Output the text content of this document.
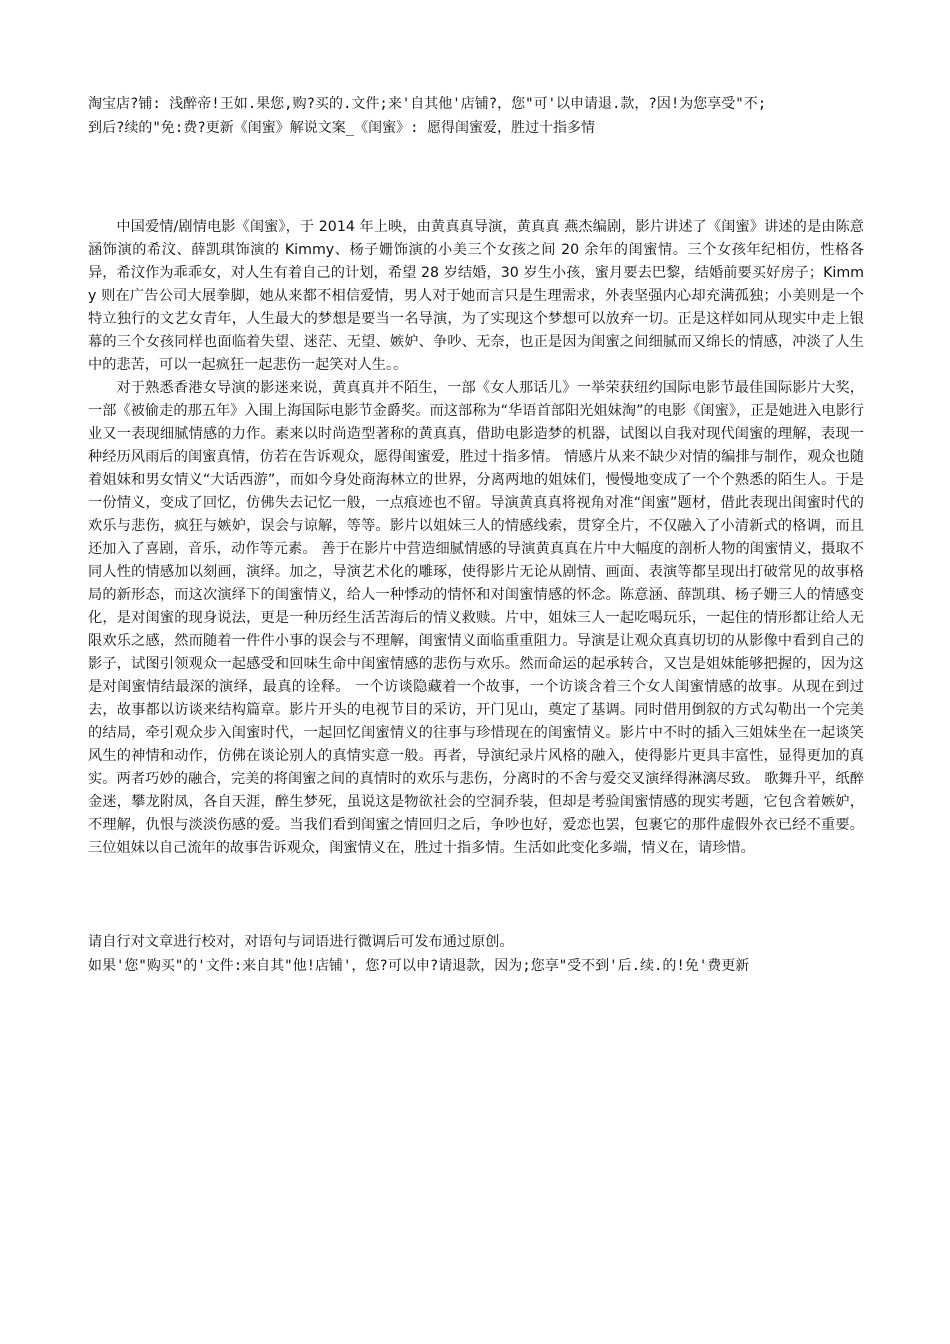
淘宝店?铺: 浅醉帝!王如.果您,购?买的.文件;来'自其他'店铺?，您"可'以申请退.款，?因!为您享受"不;
到后?续的"免:费?更新《闺蜜》解说文案_《闺蜜》: 愿得闺蜜爱，胜过十指多情

中国爱情/剧情电影《闺蜜》，于 2014 年上映，由黄真真导演，黄真真 燕杰编剧，影片讲述了《闺蜜》讲述的是由陈意涵饰演的希汶、薛凯琪饰演的 Kimmy、杨子姗饰演的小美三个女孩之间 20 余年的闺蜜情。三个女孩年纪相仿，性格各异，希汶作为乖乖女，对人生有着自己的计划，希望 28 岁结婚，30 岁生小孩，蜜月要去巴黎，结婚前要买好房子；Kimmy 则在广告公司大展拳脚，她从来都不相信爱情，男人对于她而言只是生理需求，外表坚强内心却充满孤独；小美则是一个特立独行的文艺女青年，人生最大的梦想是要当一名导演，为了实现这个梦想可以放弃一切。正是这样如同从现实中走上银幕的三个女孩同样也面临着失望、迷茫、无望、嫉妒、争吵、无奈，也正是因为闺蜜之间细腻而又绵长的情感，冲淡了人生中的悲苦，可以一起疯狂一起悲伤一起笑对人生。。

对于熟悉香港女导演的影迷来说，黄真真并不陌生，一部《女人那话儿》一举荣获纽约国际电影节最佳国际影片大奖，一部《被偷走的那五年》入围上海国际电影节金爵奖。而这部称为“华语首部阳光姐妹淘”的电影《闺蜜》，正是她进入电影行业又一表现细腻情感的力作。素来以时尚造型著称的黄真真，借助电影造梦的机器，试图以自我对现代闺蜜的理解，表现一种经历风雨后的闺蜜真情，仿若在告诉观众，愿得闺蜜爱，胜过十指多情。 情感片从来不缺少对情的编排与制作，观众也随着姐妹和男女情义“大话西游”，而如今身处商海林立的世界，分离两地的姐妹们，慢慢地变成了一个个熟悉的陌生人。于是一份情义，变成了回忆，仿佛失去记忆一般，一点痕迹也不留。导演黄真真将视角对准“闺蜜”题材，借此表现出闺蜜时代的欢乐与悲伤，疯狂与嫉妒，误会与谅解，等等。影片以姐妹三人的情感线索，贯穿全片，不仅融入了小清新式的格调，而且还加入了喜剧，音乐，动作等元素。 善于在影片中营造细腻情感的导演黄真真在片中大幅度的剖析人物的闺蜜情义，摄取不同人性的情感加以刻画，演绎。加之，导演艺术化的雕琢，使得影片无论从剧情、画面、表演等都呈现出打破常见的故事格局的新形态，而这次演绎下的闺蜜情义，给人一种悸动的情怀和对闺蜜情感的怀念。陈意涵、薛凯琪、杨子姗三人的情感变化，是对闺蜜的现身说法，更是一种历经生活苦海后的情义救赎。片中，姐妹三人一起吃喝玩乐，一起住的情形都让给人无限欢乐之感，然而随着一件件小事的误会与不理解，闺蜜情义面临重重阻力。导演是让观众真真切切的从影像中看到自己的影子，试图引领观众一起感受和回味生命中闺蜜情感的悲伤与欢乐。然而命运的起承转合，又岂是姐妹能够把握的，因为这是对闺蜜情结最深的演绎，最真的诠释。 一个访谈隐藏着一个故事，一个访谈含着三个女人闺蜜情感的故事。从现在到过去，故事都以访谈来结构篇章。影片开头的电视节目的采访，开门见山，奠定了基调。同时借用倒叙的方式勾勒出一个完美的结局，牵引观众步入闺蜜时代，一起回忆闺蜜情义的往事与珍惜现在的闺蜜情义。影片中不时的插入三姐妹坐在一起谈笑风生的神情和动作，仿佛在谈论别人的真情实意一般。再者，导演纪录片风格的融入，使得影片更具丰富性，显得更加的真实。两者巧妙的融合，完美的将闺蜜之间的真情时的欢乐与悲伤，分离时的不舍与爱交叉演绎得淋漓尽致。 歌舞升平，纸醉金迷，攀龙附凤，各自天涯，醉生梦死，虽说这是物欲社会的空洞乔装，但却是考验闺蜜情感的现实考题，它包含着嫉妒，不理解，仇恨与淡淡伤感的爱。当我们看到闺蜜之情回归之后，争吵也好，爱恋也罢，包裹它的那件虚假外衣已经不重要。三位姐妹以自己流年的故事告诉观众，闺蜜情义在，胜过十指多情。生活如此变化多端，情义在，请珍惜。

请自行对文章进行校对，对语句与词语进行微调后可发布通过原创。
如果'您"购买"的'文件:来自其"他!店铺'，您?可以申?请退款，因为;您享"受不到'后.续.的!免'费更新
